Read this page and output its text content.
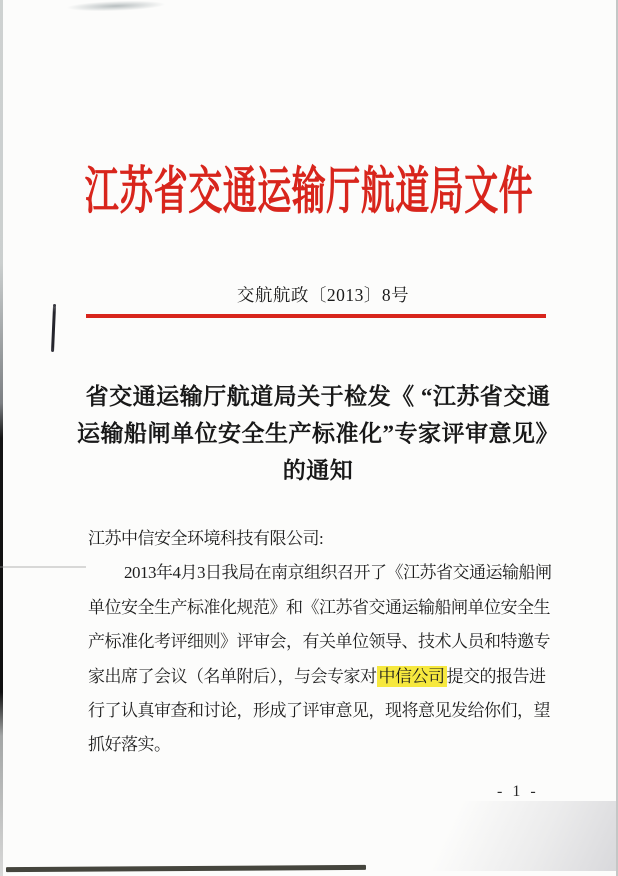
江苏省交通运输厅航道局文件
交航航政〔2013〕8号
省交通运输厅航道局关于检发《 “江苏省交通
运输船闸单位安全生产标准化”专家评审意见》
的通知
江苏中信安全环境科技有限公司:
2013年4月3日我局在南京组织召开了《江苏省交通运输船闸
单位安全生产标准化规范》和《江苏省交通运输船闸单位安全生
产标准化考评细则》评审会，有关单位领导、技术人员和特邀专
家出席了会议（名单附后），与会专家对 中信公司 提交的报告进
行了认真审查和讨论，形成了评审意见，现将意见发给你们，望
抓好落实。
- 1 -
